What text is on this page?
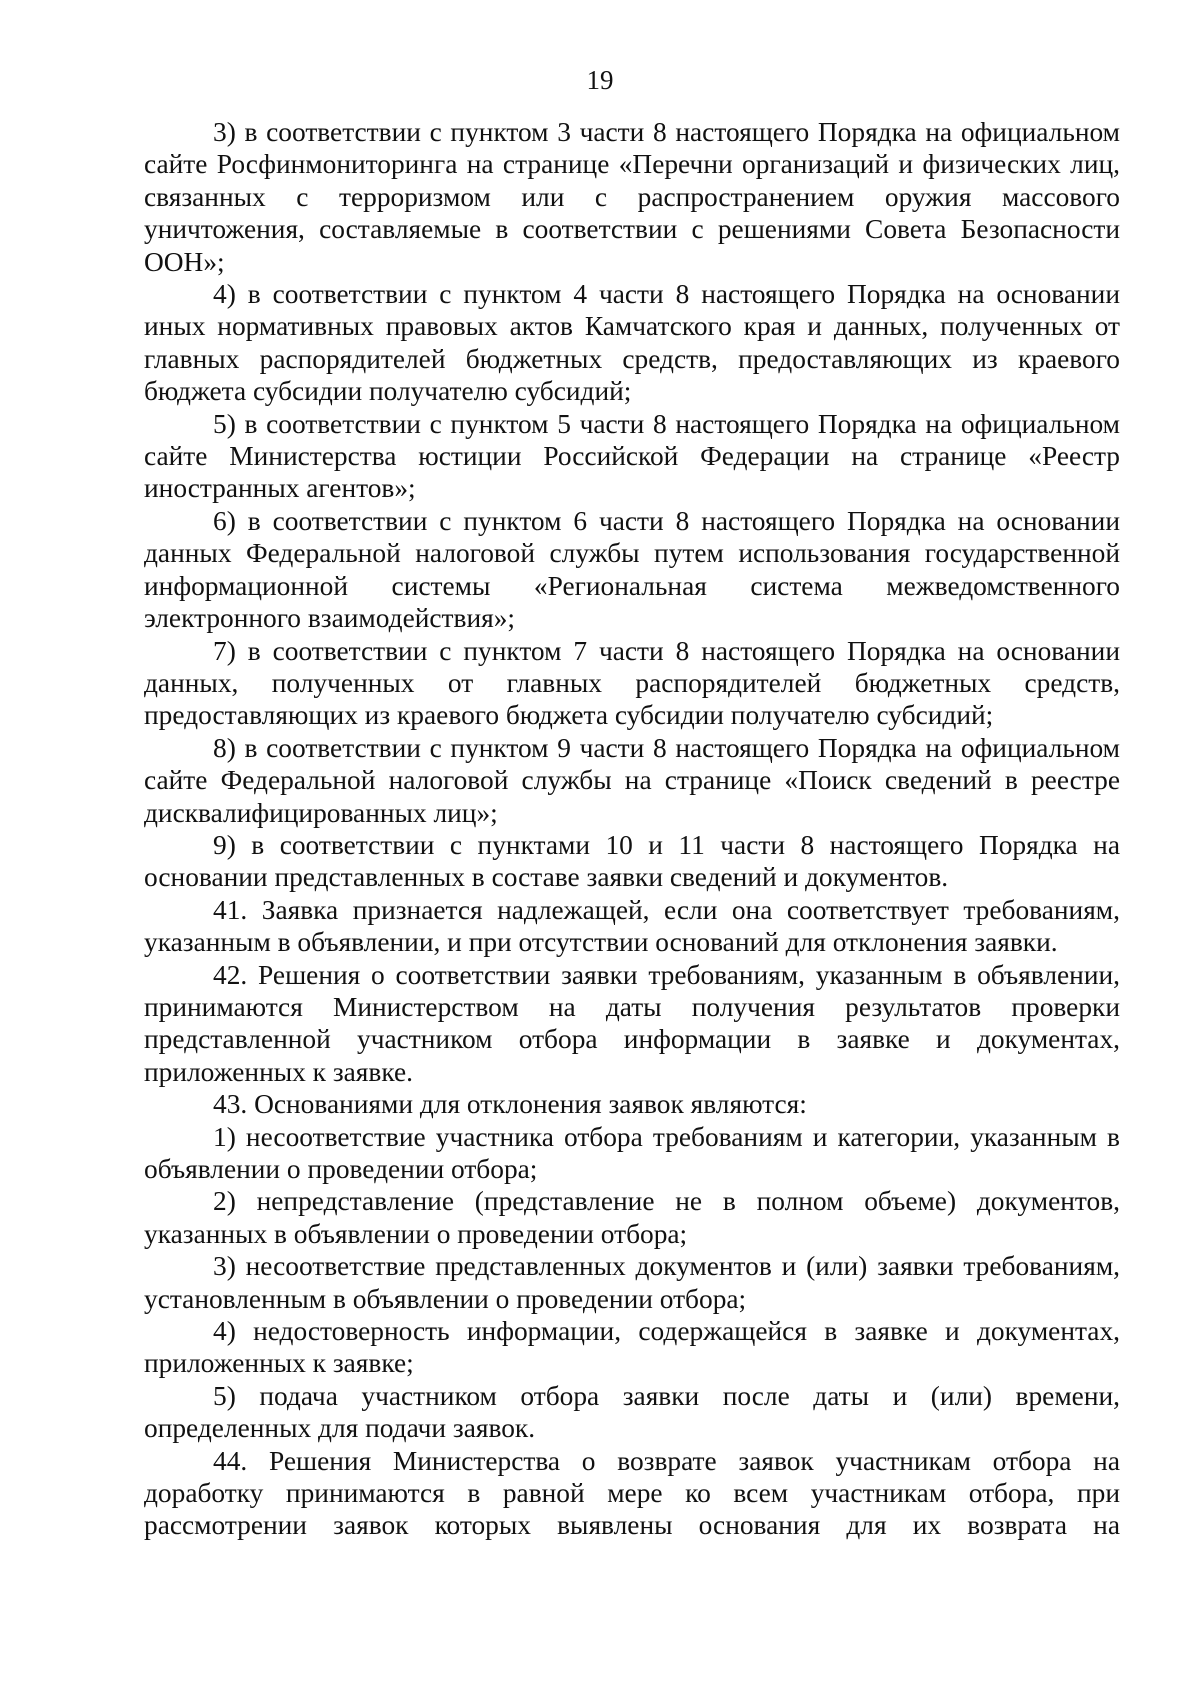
19

3) в соответствии с пунктом 3 части 8 настоящего Порядка на официальном сайте Росфинмониторинга на странице «Перечни организаций и физических лиц, связанных с терроризмом или с распространением оружия массового уничтожения, составляемые в соответствии с решениями Совета Безопасности ООН»;

4) в соответствии с пунктом 4 части 8 настоящего Порядка на основании иных нормативных правовых актов Камчатского края и данных, полученных от главных распорядителей бюджетных средств, предоставляющих из краевого бюджета субсидии получателю субсидий;

5) в соответствии с пунктом 5 части 8 настоящего Порядка на официальном сайте Министерства юстиции Российской Федерации на странице «Реестр иностранных агентов»;

6) в соответствии с пунктом 6 части 8 настоящего Порядка на основании данных Федеральной налоговой службы путем использования государственной информационной системы «Региональная система межведомственного электронного взаимодействия»;

7) в соответствии с пунктом 7 части 8 настоящего Порядка на основании данных, полученных от главных распорядителей бюджетных средств, предоставляющих из краевого бюджета субсидии получателю субсидий;

8) в соответствии с пунктом 9 части 8 настоящего Порядка на официальном сайте Федеральной налоговой службы на странице «Поиск сведений в реестре дисквалифицированных лиц»;

9) в соответствии с пунктами 10 и 11 части 8 настоящего Порядка на основании представленных в составе заявки сведений и документов.

41. Заявка признается надлежащей, если она соответствует требованиям, указанным в объявлении, и при отсутствии оснований для отклонения заявки.

42. Решения о соответствии заявки требованиям, указанным в объявлении, принимаются Министерством на даты получения результатов проверки представленной участником отбора информации в заявке и документах, приложенных к заявке.

43. Основаниями для отклонения заявок являются:

1) несоответствие участника отбора требованиям и категории, указанным в объявлении о проведении отбора;

2) непредставление (представление не в полном объеме) документов, указанных в объявлении о проведении отбора;

3) несоответствие представленных документов и (или) заявки требованиям, установленным в объявлении о проведении отбора;

4) недостоверность информации, содержащейся в заявке и документах, приложенных к заявке;

5) подача участником отбора заявки после даты и (или) времени, определенных для подачи заявок.

44. Решения Министерства о возврате заявок участникам отбора на доработку принимаются в равной мере ко всем участникам отбора, при рассмотрении заявок которых выявлены основания для их возврата на
